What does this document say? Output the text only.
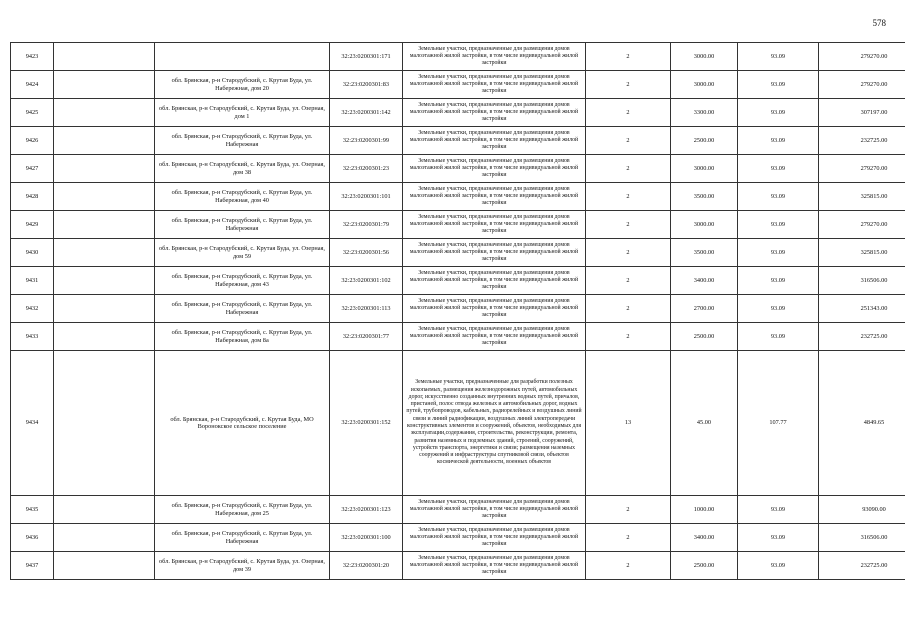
578
9423			32:23:0200301:171	Земельные участки, предназначенные для размещения домов малоэтажной жилой застройки, в том числе индивидуальной жилой застройки	2	3000.00	93.09	279270.00
9424		обл. Брянская, р-н Стародубский, с. Крутая Буда, ул. Набережная, дом 20	32:23:0200301:83	Земельные участки, предназначенные для размещения домов малоэтажной жилой застройки, в том числе индивидуальной жилой застройки	2	3000.00	93.09	279270.00
9425		обл. Брянская, р-н Стародубский, с. Крутая Буда, ул. Озерная, дом 1	32:23:0200301:142	Земельные участки, предназначенные для размещения домов малоэтажной жилой застройки, в том числе индивидуальной жилой застройки	2	3300.00	93.09	307197.00
9426		обл. Брянская, р-н Стародубский, с. Крутая Буда, ул. Набережная	32:23:0200301:99	Земельные участки, предназначенные для размещения домов малоэтажной жилой застройки, в том числе индивидуальной жилой застройки	2	2500.00	93.09	232725.00
9427		обл. Брянская, р-н Стародубский, с. Крутая Буда, ул. Озерная, дом 38	32:23:0200301:23	Земельные участки, предназначенные для размещения домов малоэтажной жилой застройки, в том числе индивидуальной жилой застройки	2	3000.00	93.09	279270.00
9428		обл. Брянская, р-н Стародубский, с. Крутая Буда, ул. Набережная, дом 40	32:23:0200301:101	Земельные участки, предназначенные для размещения домов малоэтажной жилой застройки, в том числе индивидуальной жилой застройки	2	3500.00	93.09	325815.00
9429		обл. Брянская, р-н Стародубский, с. Крутая Буда, ул. Набережная	32:23:0200301:79	Земельные участки, предназначенные для размещения домов малоэтажной жилой застройки, в том числе индивидуальной жилой застройки	2	3000.00	93.09	279270.00
9430		обл. Брянская, р-н Стародубский, с. Крутая Буда, ул. Озерная, дом 59	32:23:0200301:56	Земельные участки, предназначенные для размещения домов малоэтажной жилой застройки, в том числе индивидуальной жилой застройки	2	3500.00	93.09	325815.00
9431		обл. Брянская, р-н Стародубский, с. Крутая Буда, ул. Набережная, дом 43	32:23:0200301:102	Земельные участки, предназначенные для размещения домов малоэтажной жилой застройки, в том числе индивидуальной жилой застройки	2	3400.00	93.09	316506.00
9432		обл. Брянская, р-н Стародубский, с. Крутая Буда, ул. Набережная	32:23:0200301:113	Земельные участки, предназначенные для размещения домов малоэтажной жилой застройки, в том числе индивидуальной жилой застройки	2	2700.00	93.09	251343.00
9433		обл. Брянская, р-н Стародубский, с. Крутая Буда, ул. Набережная, дом 8а	32:23:0200301:77	Земельные участки, предназначенные для размещения домов малоэтажной жилой застройки, в том числе индивидуальной жилой застройки	2	2500.00	93.09	232725.00
9434		обл. Брянская, р-н Стародубский, с. Крутая Буда, МО Воронокское сельское поселение	32:23:0200301:152	Земельные участки, предназначенные для разработки полезных ископаемых, размещения железнодорожных путей, автомобильных дорог, искусственно созданных внутренних водных путей, причалов, пристаней, полос отвода железных и автомобильных дорог, водных путей, трубопроводов, кабельных, радиорелейных и воздушных линий связи и линий радиофикации, воздушных линий электропередачи конструктивных элементов и сооружений, объектов, необходимых для эксплуатации,содержания, строительства, реконструкции, ремонта, развития наземных и подземных зданий, строений, сооружений, устройств транспорта, энергетики и связи; размещения наземных сооружений и инфраструктуры спутниковой связи, объектов космической деятельности, военных объектов	13	45.00	107.77	4849.65
9435		обл. Брянская, р-н Стародубский, с. Крутая Буда, ул. Набережная, дом 25	32:23:0200301:123	Земельные участки, предназначенные для размещения домов малоэтажной жилой застройки, в том числе индивидуальной жилой застройки	2	1000.00	93.09	93090.00
9436		обл. Брянская, р-н Стародубский, с. Крутая Буда, ул. Набережная	32:23:0200301:100	Земельные участки, предназначенные для размещения домов малоэтажной жилой застройки, в том числе индивидуальной жилой застройки	2	3400.00	93.09	316506.00
9437		обл. Брянская, р-н Стародубский, с. Крутая Буда, ул. Озерная, дом 39	32:23:0200301:20	Земельные участки, предназначенные для размещения домов малоэтажной жилой застройки, в том числе индивидуальной жилой застройки	2	2500.00	93.09	232725.00
